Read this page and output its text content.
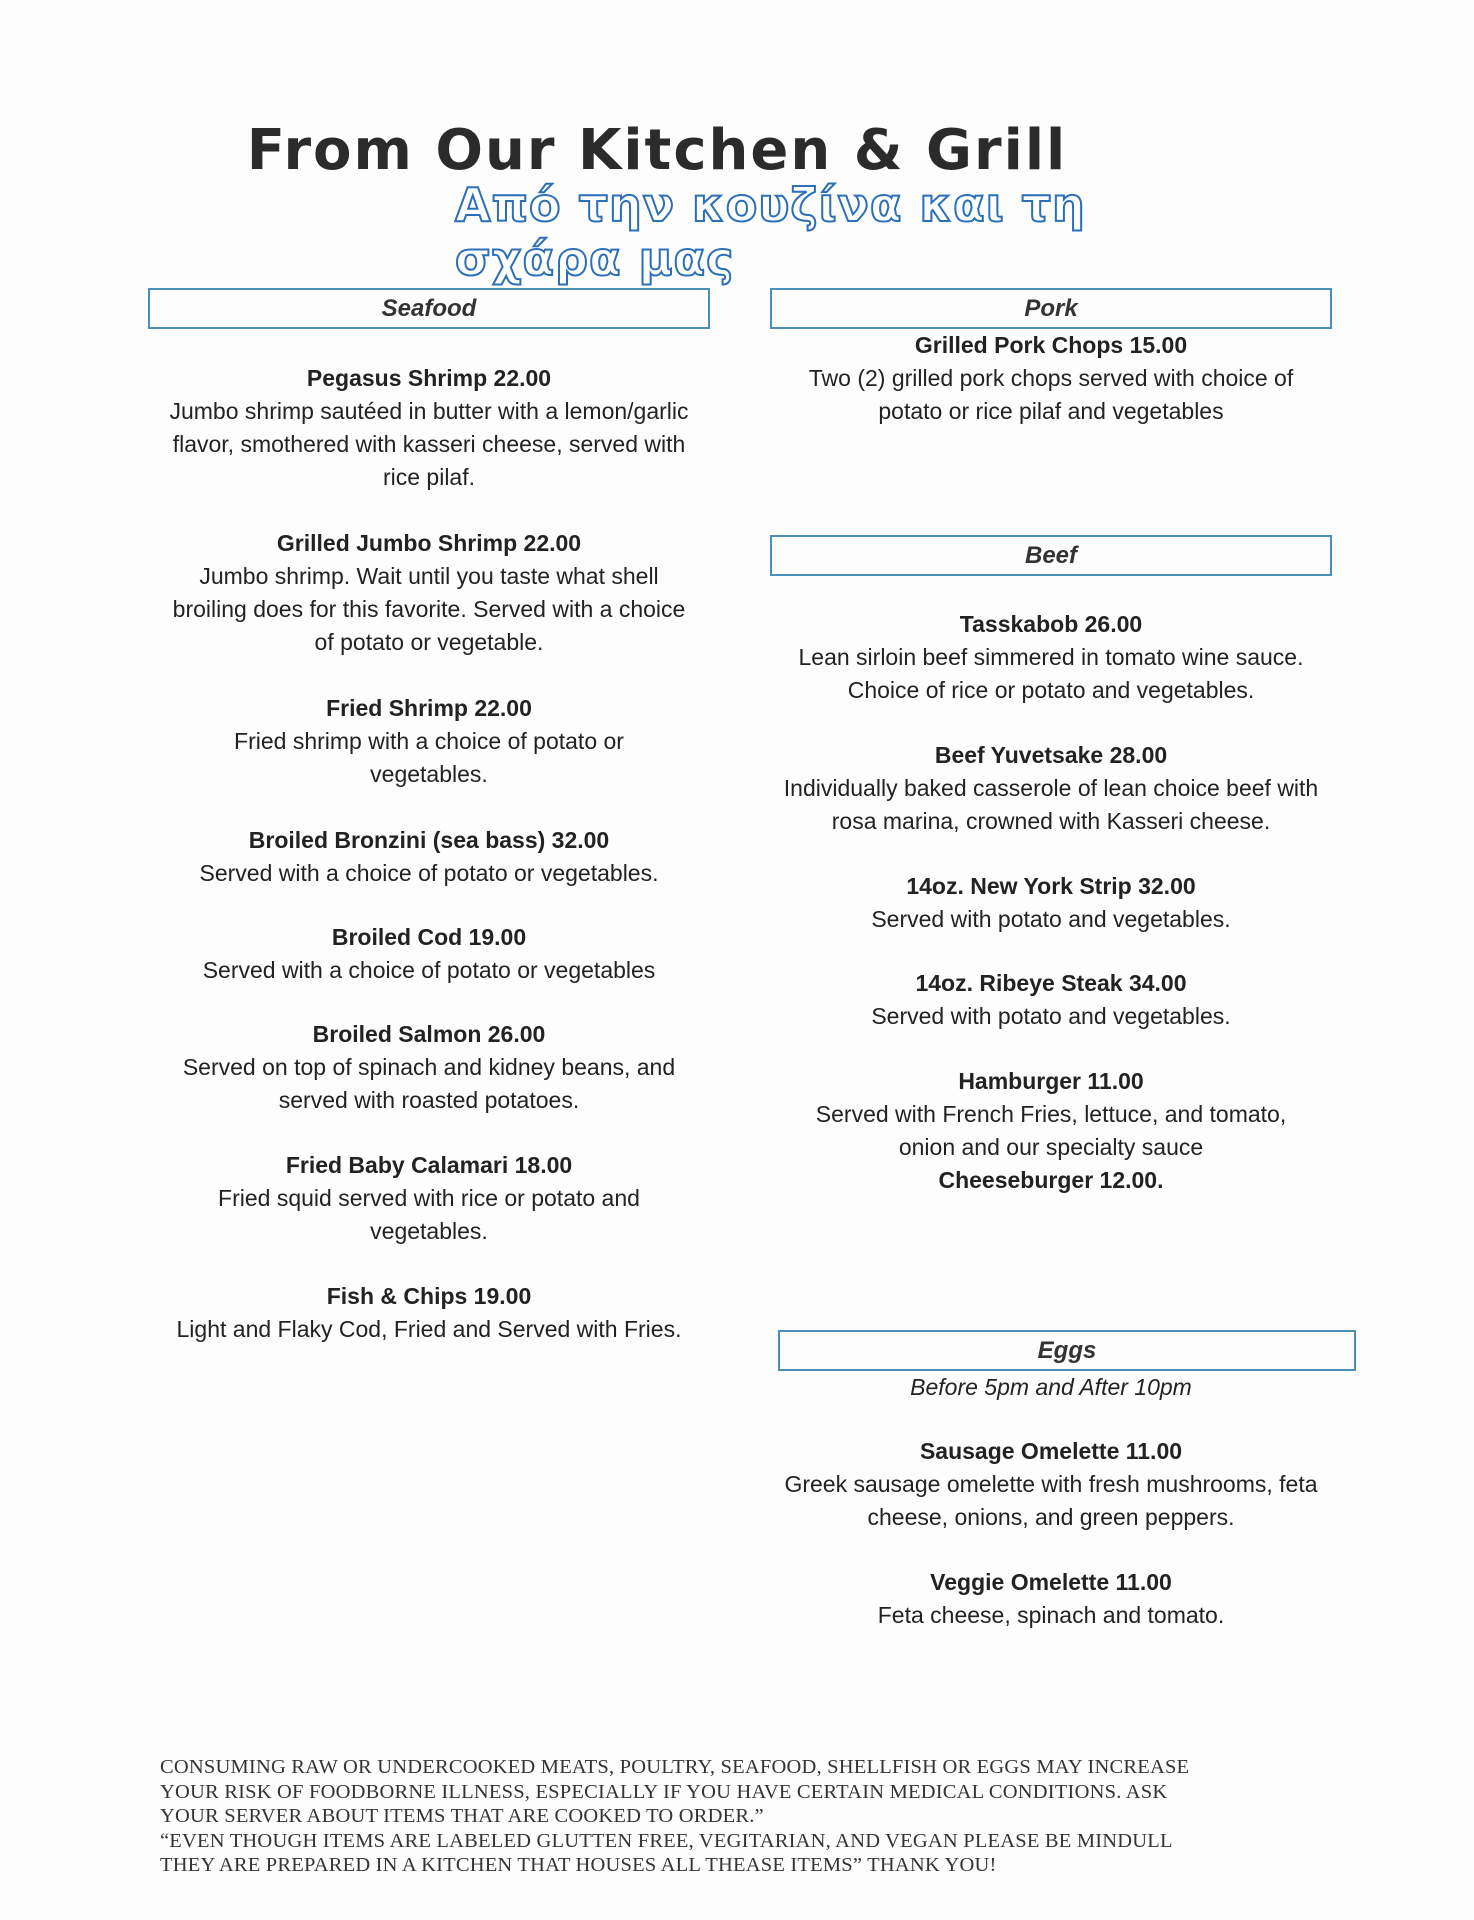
From Our Kitchen & Grill
Από την κουζίνα και τη σχάρα μας
Seafood
Pegasus Shrimp 22.00
Jumbo shrimp sautéed in butter with a lemon/garlic flavor, smothered with kasseri cheese, served with rice pilaf.
Grilled Jumbo Shrimp 22.00
Jumbo shrimp. Wait until you taste what shell broiling does for this favorite. Served with a choice of potato or vegetable.
Fried Shrimp 22.00
Fried shrimp with a choice of potato or vegetables.
Broiled Bronzini (sea bass) 32.00
Served with a choice of potato or vegetables.
Broiled Cod 19.00
Served with a choice of potato or vegetables
Broiled Salmon 26.00
Served on top of spinach and kidney beans, and served with roasted potatoes.
Fried Baby Calamari 18.00
Fried squid served with rice or potato and vegetables.
Fish & Chips 19.00
Light and Flaky Cod, Fried and Served with Fries.
Pork
Grilled Pork Chops 15.00
Two (2) grilled pork chops served with choice of potato or rice pilaf and vegetables
Beef
Tasskabob 26.00
Lean sirloin beef simmered in tomato wine sauce. Choice of rice or potato and vegetables.
Beef Yuvetsake 28.00
Individually baked casserole of lean choice beef with rosa marina, crowned with Kasseri cheese.
14oz. New York Strip 32.00
Served with potato and vegetables.
14oz. Ribeye Steak 34.00
Served with potato and vegetables.
Hamburger 11.00
Served with French Fries, lettuce, and tomato, onion and our specialty sauce
Cheeseburger 12.00.
Eggs
Before 5pm and After 10pm
Sausage Omelette 11.00
Greek sausage omelette with fresh mushrooms, feta cheese, onions, and green peppers.
Veggie Omelette 11.00
Feta cheese, spinach and tomato.
CONSUMING RAW OR UNDERCOOKED MEATS, POULTRY, SEAFOOD, SHELLFISH OR EGGS MAY INCREASE
YOUR RISK OF FOODBORNE ILLNESS, ESPECIALLY IF YOU HAVE CERTAIN MEDICAL CONDITIONS. ASK
YOUR SERVER ABOUT ITEMS THAT ARE COOKED TO ORDER.”
“EVEN THOUGH ITEMS ARE LABELED GLUTTEN FREE, VEGITARIAN, AND VEGAN PLEASE BE MINDULL
THEY ARE PREPARED IN A KITCHEN THAT HOUSES ALL THEASE ITEMS” THANK YOU!
